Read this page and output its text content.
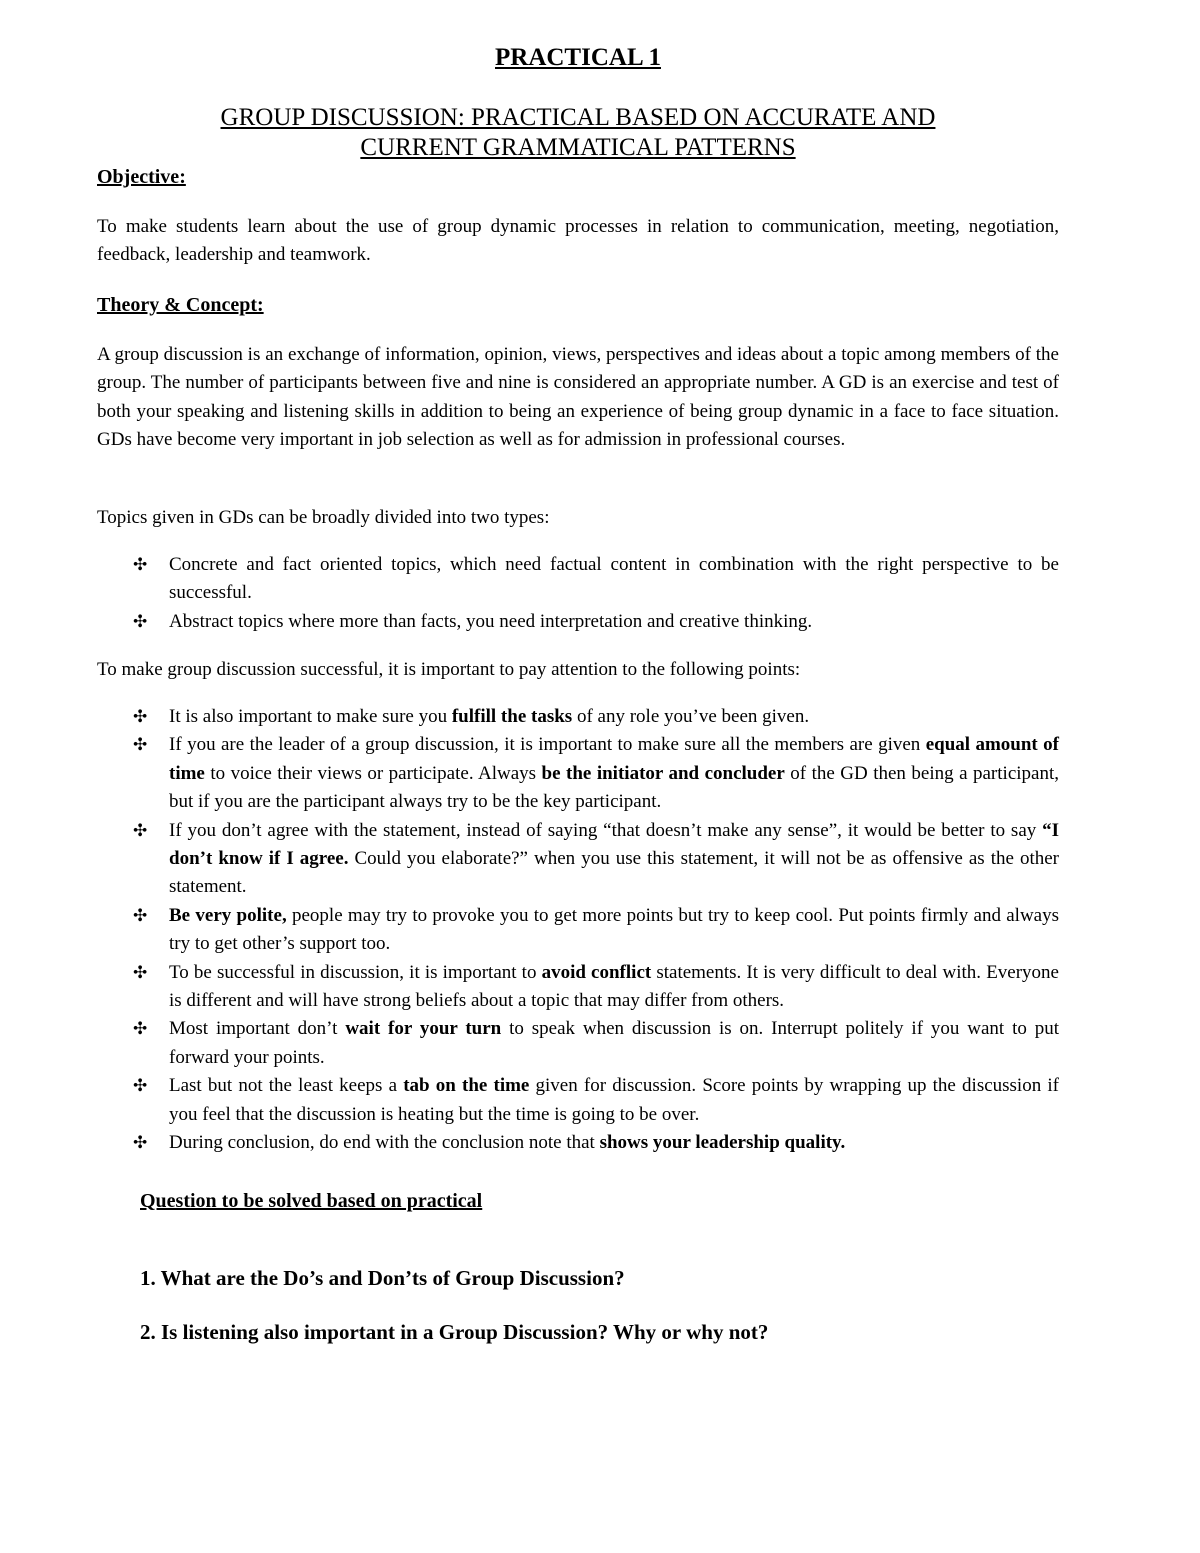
PRACTICAL 1
GROUP DISCUSSION: PRACTICAL BASED ON ACCURATE AND
CURRENT GRAMMATICAL PATTERNS
Objective:

To make students learn about the use of group dynamic processes in relation to communication, meeting, negotiation, feedback, leadership and teamwork.

Theory & Concept:

A group discussion is an exchange of information, opinion, views, perspectives and ideas about a topic among members of the group. The number of participants between five and nine is considered an appropriate number. A GD is an exercise and test of both your speaking and listening skills in addition to being an experience of being group dynamic in a face to face situation. GDs have become very important in job selection as well as for admission in professional courses.

Topics given in GDs can be broadly divided into two types:

✣ Concrete and fact oriented topics, which need factual content in combination with the right perspective to be successful.
✣ Abstract topics where more than facts, you need interpretation and creative thinking.

To make group discussion successful, it is important to pay attention to the following points:

✣ It is also important to make sure you fulfill the tasks of any role you’ve been given.
✣ If you are the leader of a group discussion, it is important to make sure all the members are given equal amount of time to voice their views or participate. Always be the initiator and concluder of the GD then being a participant, but if you are the participant always try to be the key participant.
✣ If you don’t agree with the statement, instead of saying “that doesn’t make any sense”, it would be better to say “I don’t know if I agree. Could you elaborate?” when you use this statement, it will not be as offensive as the other statement.
✣ Be very polite, people may try to provoke you to get more points but try to keep cool. Put points firmly and always try to get other’s support too.
✣ To be successful in discussion, it is important to avoid conflict statements. It is very difficult to deal with. Everyone is different and will have strong beliefs about a topic that may differ from others.
✣ Most important don’t wait for your turn to speak when discussion is on. Interrupt politely if you want to put forward your points.
✣ Last but not the least keeps a tab on the time given for discussion. Score points by wrapping up the discussion if you feel that the discussion is heating but the time is going to be over.
✣ During conclusion, do end with the conclusion note that shows your leadership quality.
Question to be solved based on practical

1. What are the Do’s and Don’ts of Group Discussion?

2. Is listening also important in a Group Discussion? Why or why not?
